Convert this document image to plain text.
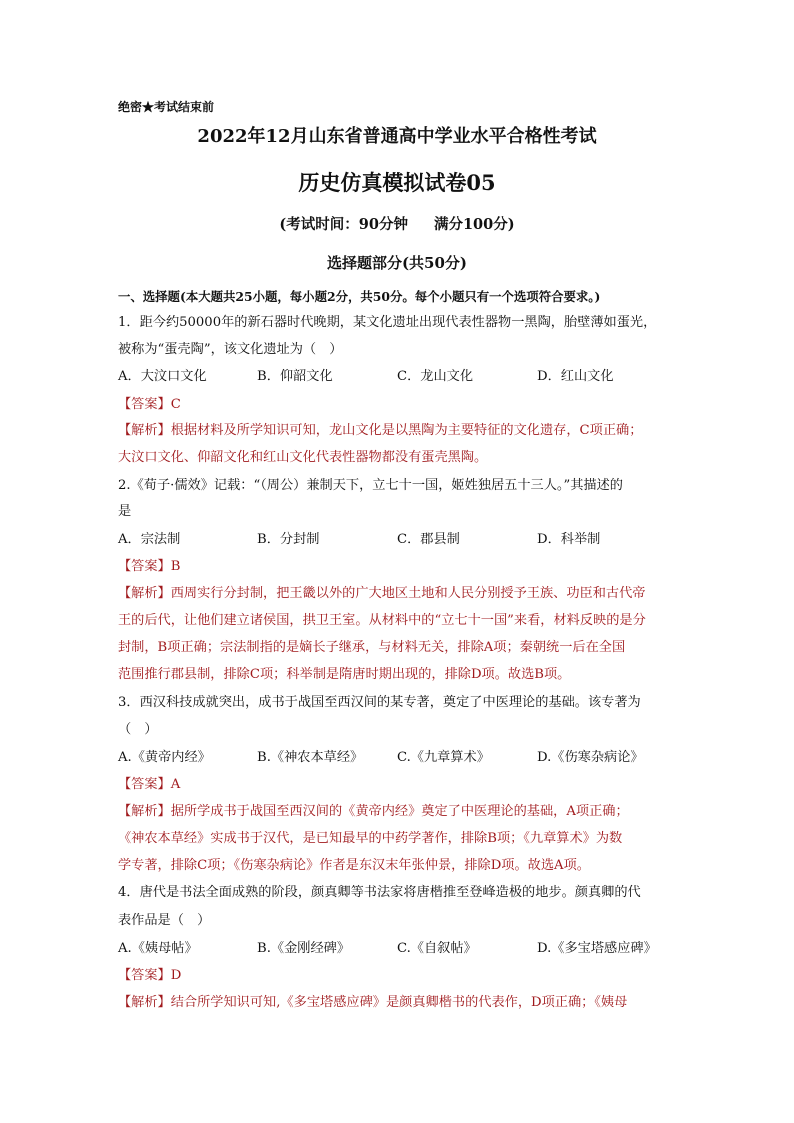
绝密★考试结束前
2022年12月山东省普通高中学业水平合格性考试
历史仿真模拟试卷05
(考试时间：90分钟 满分100分)
选择题部分(共50分)
一、选择题(本大题共25小题，每小题2分，共50分。每个小题只有一个选项符合要求。)
1．距今约50000年的新石器时代晚期，某文化遗址出现代表性器物一黑陶，胎壁薄如蛋光，
被称为“蛋壳陶”，该文化遗址为（　）
A．大汶口文化	B．仰韶文化	C．龙山文化	D．红山文化
【答案】C
【解析】根据材料及所学知识可知，龙山文化是以黑陶为主要特征的文化遗存，C项正确；
大汶口文化、仰韶文化和红山文化代表性器物都没有蛋壳黑陶。
2.《荀子·儒效》记载：“（周公）兼制天下，立七十一国，姬姓独居五十三人。”其描述的
是
A．宗法制	B．分封制	C．郡县制	D．科举制
【答案】B
【解析】西周实行分封制，把王畿以外的广大地区土地和人民分别授予王族、功臣和古代帝
王的后代，让他们建立诸侯国，拱卫王室。从材料中的“立七十一国”来看，材料反映的是分
封制，B项正确；宗法制指的是嫡长子继承，与材料无关，排除A项；秦朝统一后在全国
范围推行郡县制，排除C项；科举制是隋唐时期出现的，排除D项。故选B项。
3．西汉科技成就突出，成书于战国至西汉间的某专著，奠定了中医理论的基础。该专著为
（　）
A.《黄帝内经》	B.《神农本草经》	C.《九章算术》	D.《伤寒杂病论》
【答案】A
【解析】据所学成书于战国至西汉间的《黄帝内经》奠定了中医理论的基础，A项正确；
《神农本草经》实成书于汉代，是已知最早的中药学著作，排除B项；《九章算术》为数
学专著，排除C项；《伤寒杂病论》作者是东汉末年张仲景，排除D项。故选A项。
4．唐代是书法全面成熟的阶段，颜真卿等书法家将唐楷推至登峰造极的地步。颜真卿的代
表作品是（　）
A.《姨母帖》	B.《金刚经碑》	C.《自叙帖》	D.《多宝塔感应碑》
【答案】D
【解析】结合所学知识可知,《多宝塔感应碑》是颜真卿楷书的代表作，D项正确；《姨母
